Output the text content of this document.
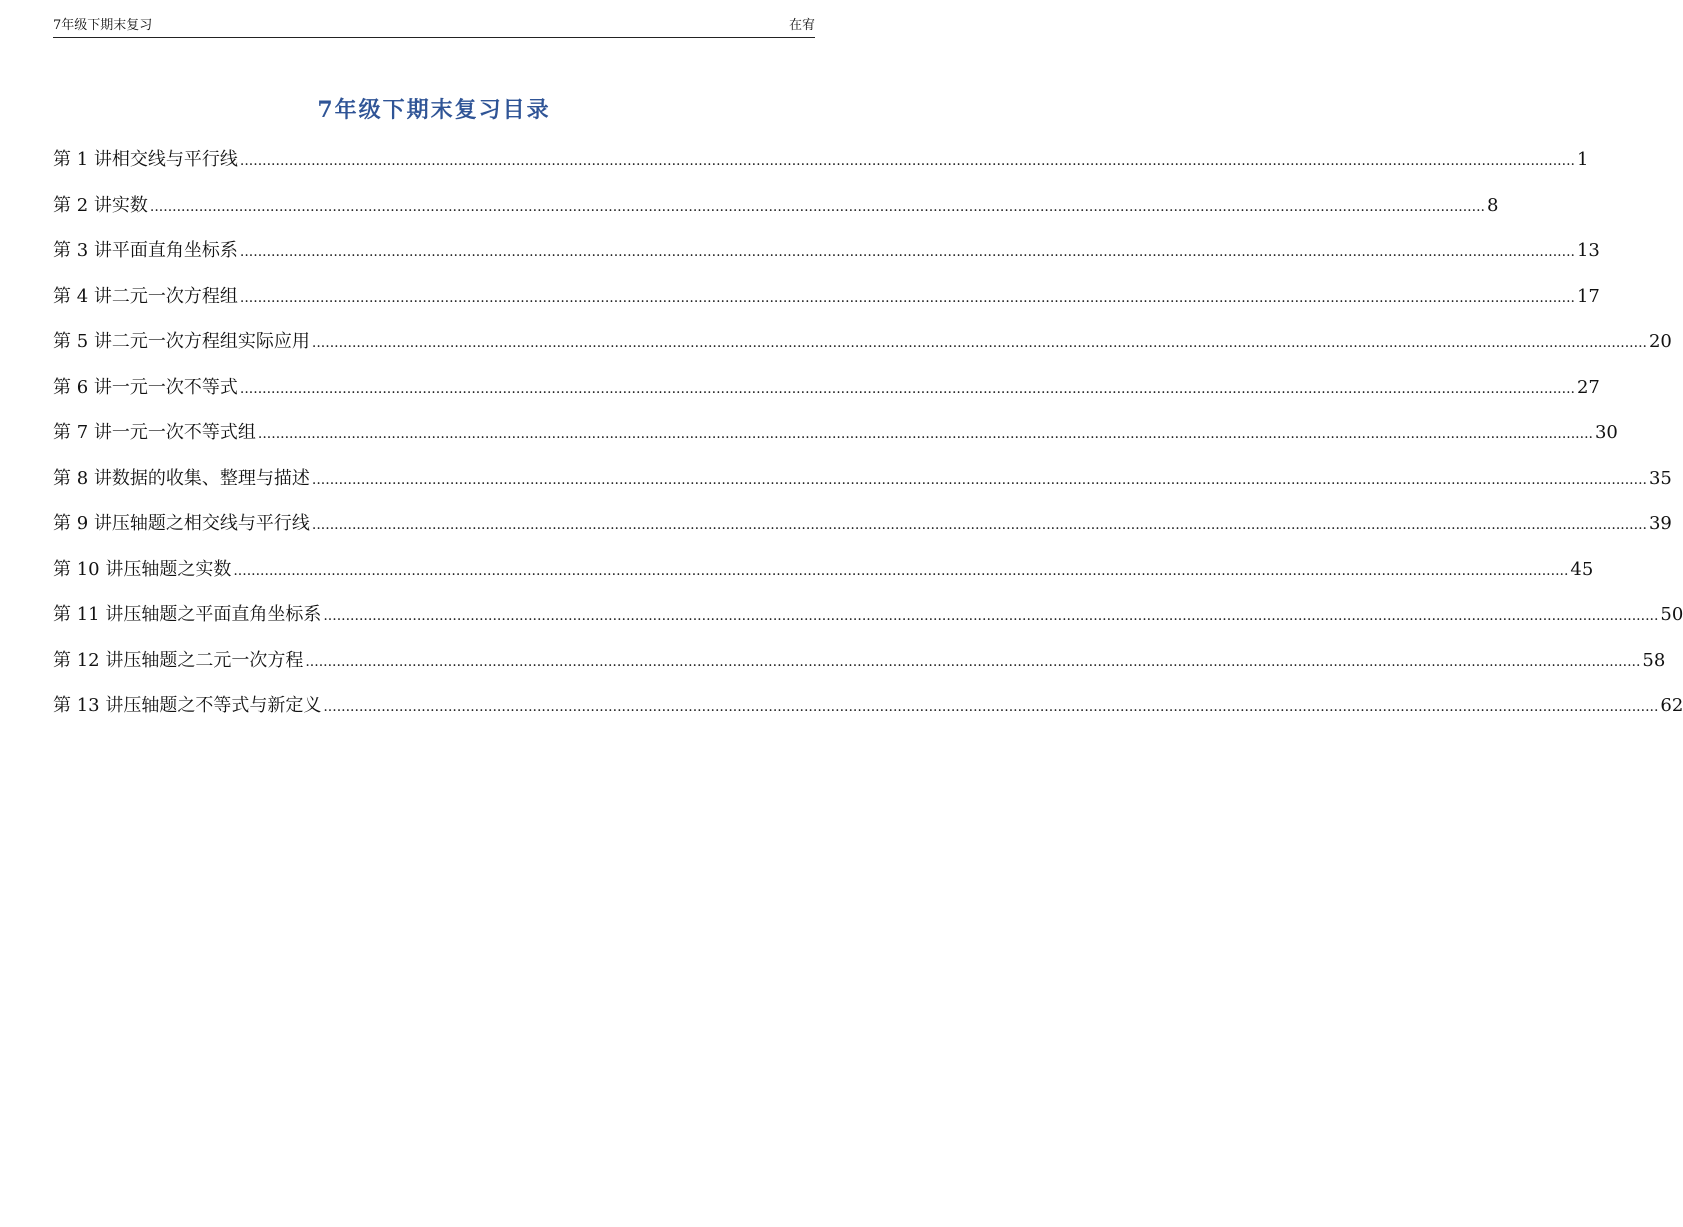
7年级下期末复习	在宥
7年级下期末复习目录
第 1 讲 相交线与平行线 ............................................................................................................................................................................................................................................................................................................ 1
第 2 讲 实数 ............................................................................................................................................................................................................................................................................................................ 8
第 3 讲 平面直角坐标系 ............................................................................................................................................................................................................................................................................................................ 13
第 4 讲 二元一次方程组 ............................................................................................................................................................................................................................................................................................................ 17
第 5 讲 二元一次方程组实际应用 ............................................................................................................................................................................................................................................................................................................ 20
第 6 讲 一元一次不等式 ............................................................................................................................................................................................................................................................................................................ 27
第 7 讲 一元一次不等式组 ............................................................................................................................................................................................................................................................................................................ 30
第 8 讲 数据的收集、整理与描述 ............................................................................................................................................................................................................................................................................................................ 35
第 9 讲 压轴题之相交线与平行线 ............................................................................................................................................................................................................................................................................................................ 39
第 10 讲 压轴题之实数 ............................................................................................................................................................................................................................................................................................................ 45
第 11 讲 压轴题之平面直角坐标系 ............................................................................................................................................................................................................................................................................................................ 50
第 12 讲 压轴题之二元一次方程 ............................................................................................................................................................................................................................................................................................................ 58
第 13 讲 压轴题之不等式与新定义 ............................................................................................................................................................................................................................................................................................................ 62
